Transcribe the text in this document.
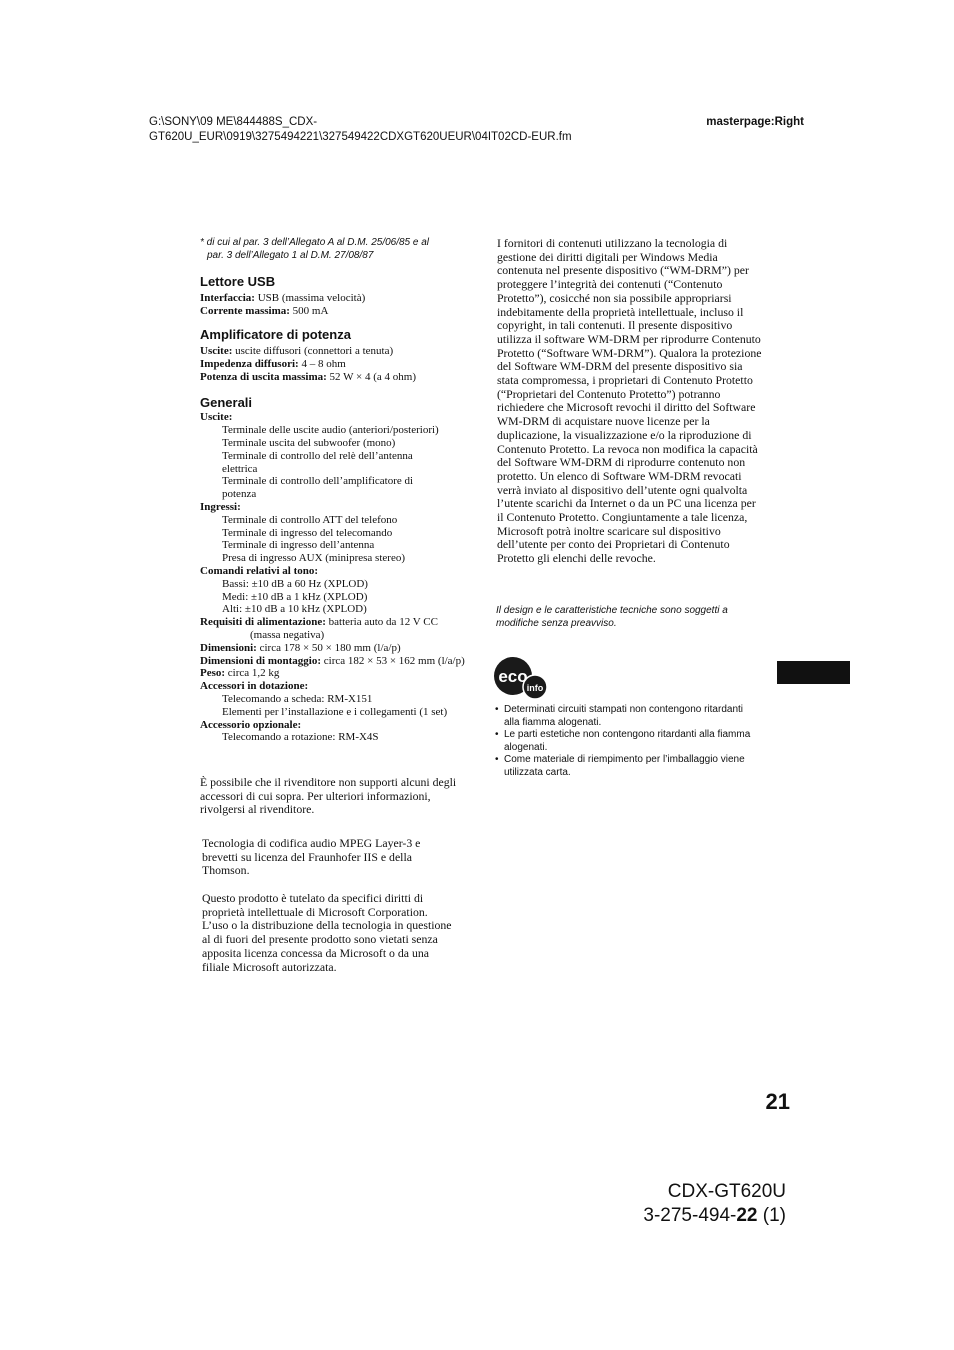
G:\SONY\09 ME\844488S_CDX-
GT620U_EUR\0919\3275494221\327549422CDXGT620UEUR\04IT02CD-EUR.fm
masterpage:Right
* di cui al par. 3 dell’Allegato A al D.M. 25/06/85 e al
par. 3 dell’Allegato 1 al D.M. 27/08/87
Lettore USB

Interfaccia: USB (massima velocità)

Corrente massima: 500 mA

Amplificatore di potenza

Uscite: uscite diffusori (connettori a tenuta)

Impedenza diffusori: 4 – 8 ohm

Potenza di uscita massima: 52 W × 4 (a 4 ohm)

Generali

Uscite:

Terminale delle uscite audio (anteriori/posteriori)

Terminale uscita del subwoofer (mono)

Terminale di controllo del relè dell’antenna elettrica

Terminale di controllo dell’amplificatore di potenza

Ingressi:

Terminale di controllo ATT del telefono

Terminale di ingresso del telecomando

Terminale di ingresso dell’antenna

Presa di ingresso AUX (minipresa stereo)

Comandi relativi al tono:

Bassi: ±10 dB a 60 Hz (XPLOD)

Medi: ±10 dB a 1 kHz (XPLOD)

Alti: ±10 dB a 10 kHz (XPLOD)

Requisiti di alimentazione: batteria auto da 12 V CC (massa negativa)

Dimensioni: circa 178 × 50 × 180 mm (l/a/p)

Dimensioni di montaggio: circa 182 × 53 × 162 mm (l/a/p)

Peso: circa 1,2 kg

Accessori in dotazione:

Telecomando a scheda: RM-X151

Elementi per l’installazione e i collegamenti (1 set)

Accessorio opzionale:

Telecomando a rotazione: RM-X4S

È possibile che il rivenditore non supporti alcuni degli accessori di cui sopra. Per ulteriori informazioni, rivolgersi al rivenditore.
Tecnologia di codifica audio MPEG Layer-3 e brevetti su licenza del Fraunhofer IIS e della Thomson.
Questo prodotto è tutelato da specifici diritti di proprietà intellettuale di Microsoft Corporation. L’uso o la distribuzione della tecnologia in questione al di fuori del presente prodotto sono vietati senza apposita licenza concessa da Microsoft o da una filiale Microsoft autorizzata.
I fornitori di contenuti utilizzano la tecnologia di gestione dei diritti digitali per Windows Media contenuta nel presente dispositivo (“WM-DRM”) per proteggere l’integrità dei contenuti (“Contenuto Protetto”), cosicché non sia possibile appropriarsi indebitamente della proprietà intellettuale, incluso il copyright, in tali contenuti. Il presente dispositivo utilizza il software WM-DRM per riprodurre Contenuto Protetto (“Software WM-DRM”). Qualora la protezione del Software WM-DRM del presente dispositivo sia stata compromessa, i proprietari di Contenuto Protetto (“Proprietari del Contenuto Protetto”) potranno richiedere che Microsoft revochi il diritto del Software WM-DRM di acquistare nuove licenze per la duplicazione, la visualizzazione e/o la riproduzione di Contenuto Protetto. La revoca non modifica la capacità del Software WM-DRM di riprodurre contenuto non protetto. Un elenco di Software WM-DRM revocati verrà inviato al dispositivo dell’utente ogni qualvolta l’utente scarichi da Internet o da un PC una licenza per il Contenuto Protetto. Congiuntamente a tale licenza, Microsoft potrà inoltre scaricare sul dispositivo dell’utente per conto dei Proprietari di Contenuto Protetto gli elenchi delle revoche.
Il design e le caratteristiche tecniche sono soggetti a modifiche senza preavviso.
eco
info
• Determinati circuiti stampati non contengono ritardanti alla fiamma alogenati.
• Le parti estetiche non contengono ritardanti alla fiamma alogenati.
• Come materiale di riempimento per l’imballaggio viene utilizzata carta.
21
CDX-GT620U
3-275-494-22 (1)
